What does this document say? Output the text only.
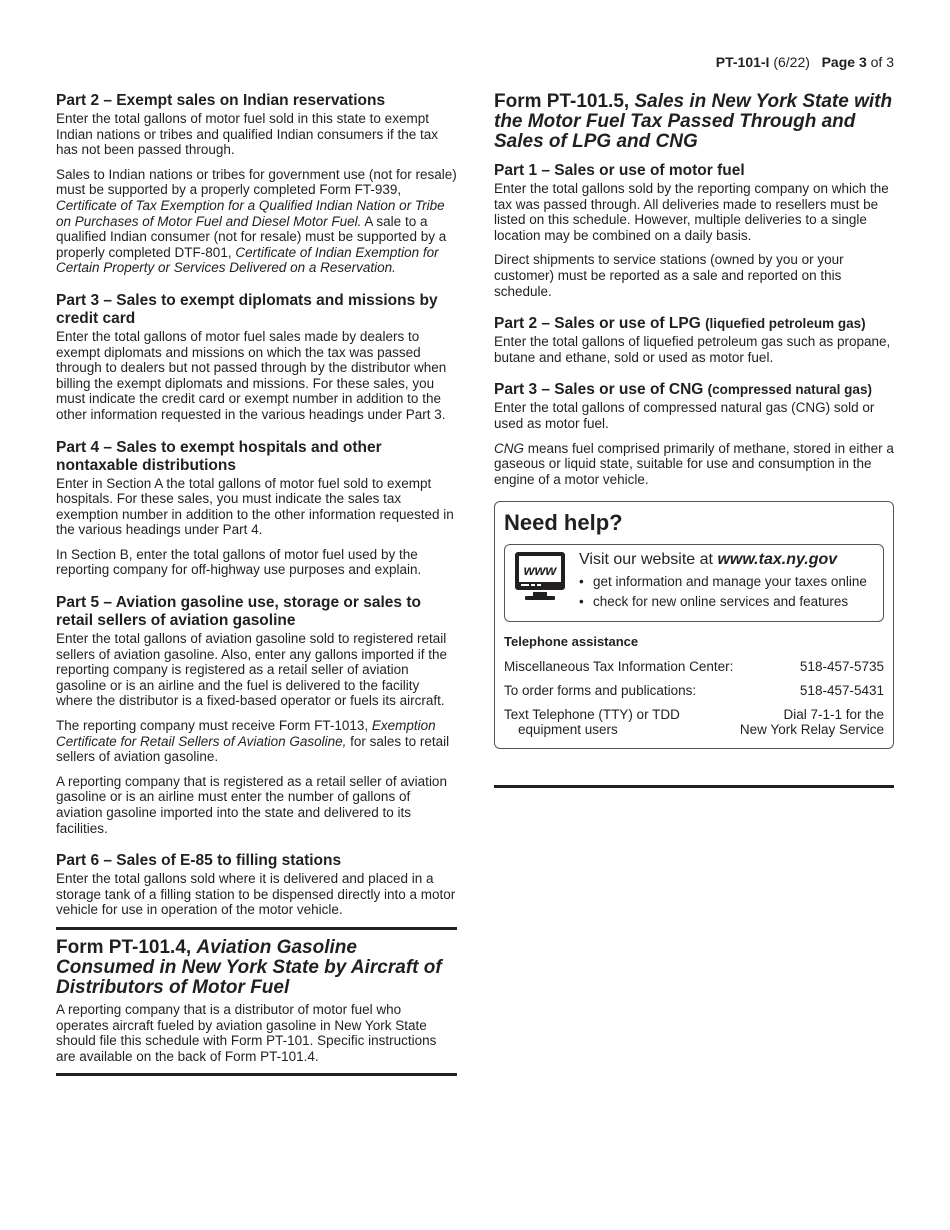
PT-101-I (6/22) Page 3 of 3
Part 2 – Exempt sales on Indian reservations

Enter the total gallons of motor fuel sold in this state to exempt Indian nations or tribes and qualified Indian consumers if the tax has not been passed through.

Sales to Indian nations or tribes for government use (not for resale) must be supported by a properly completed Form FT-939, Certificate of Tax Exemption for a Qualified Indian Nation or Tribe on Purchases of Motor Fuel and Diesel Motor Fuel. A sale to a qualified Indian consumer (not for resale) must be supported by a properly completed DTF-801, Certificate of Indian Exemption for Certain Property or Services Delivered on a Reservation.

Part 3 – Sales to exempt diplomats and missions by credit card

Enter the total gallons of motor fuel sales made by dealers to exempt diplomats and missions on which the tax was passed through to dealers but not passed through by the distributor when billing the exempt diplomats and missions. For these sales, you must indicate the credit card or exempt number in addition to the other information requested in the various headings under Part 3.

Part 4 – Sales to exempt hospitals and other nontaxable distributions

Enter in Section A the total gallons of motor fuel sold to exempt hospitals. For these sales, you must indicate the sales tax exemption number in addition to the other information requested in the various headings under Part 4.

In Section B, enter the total gallons of motor fuel used by the reporting company for off-highway use purposes and explain.

Part 5 – Aviation gasoline use, storage or sales to retail sellers of aviation gasoline

Enter the total gallons of aviation gasoline sold to registered retail sellers of aviation gasoline. Also, enter any gallons imported if the reporting company is registered as a retail seller of aviation gasoline or is an airline and the fuel is delivered to the facility where the distributor is a fixed-based operator or fuels its aircraft.

The reporting company must receive Form FT-1013, Exemption Certificate for Retail Sellers of Aviation Gasoline, for sales to retail sellers of aviation gasoline.

A reporting company that is registered as a retail seller of aviation gasoline or is an airline must enter the number of gallons of aviation gasoline imported into the state and delivered to its facilities.

Part 6 – Sales of E-85 to filling stations

Enter the total gallons sold where it is delivered and placed in a storage tank of a filling station to be dispensed directly into a motor vehicle for use in operation of the motor vehicle.

Form PT-101.4, Aviation Gasoline Consumed in New York State by Aircraft of Distributors of Motor Fuel

A reporting company that is a distributor of motor fuel who operates aircraft fueled by aviation gasoline in New York State should file this schedule with Form PT-101. Specific instructions are available on the back of Form PT-101.4.

Form PT-101.5, Sales in New York State with the Motor Fuel Tax Passed Through and Sales of LPG and CNG
Part 1 – Sales or use of motor fuel

Enter the total gallons sold by the reporting company on which the tax was passed through. All deliveries made to resellers must be listed on this schedule. However, multiple deliveries to a single location may be combined on a daily basis.

Direct shipments to service stations (owned by you or your customer) must be reported as a sale and reported on this schedule.

Part 2 – Sales or use of LPG (liquefied petroleum gas)

Enter the total gallons of liquefied petroleum gas such as propane, butane and ethane, sold or used as motor fuel.

Part 3 – Sales or use of CNG (compressed natural gas)

Enter the total gallons of compressed natural gas (CNG) sold or used as motor fuel.

CNG means fuel comprised primarily of methane, stored in either a gaseous or liquid state, suitable for use and consumption in the engine of a motor vehicle.

Need help?
www
Visit our website at www.tax.ny.gov
• get information and manage your taxes online
• check for new online services and features
Telephone assistance
Miscellaneous Tax Information Center:	518-457-5735
To order forms and publications:	518-457-5431
Text Telephone (TTY) or TDD
equipment users
Dial 7-1-1 for the
New York Relay Service
